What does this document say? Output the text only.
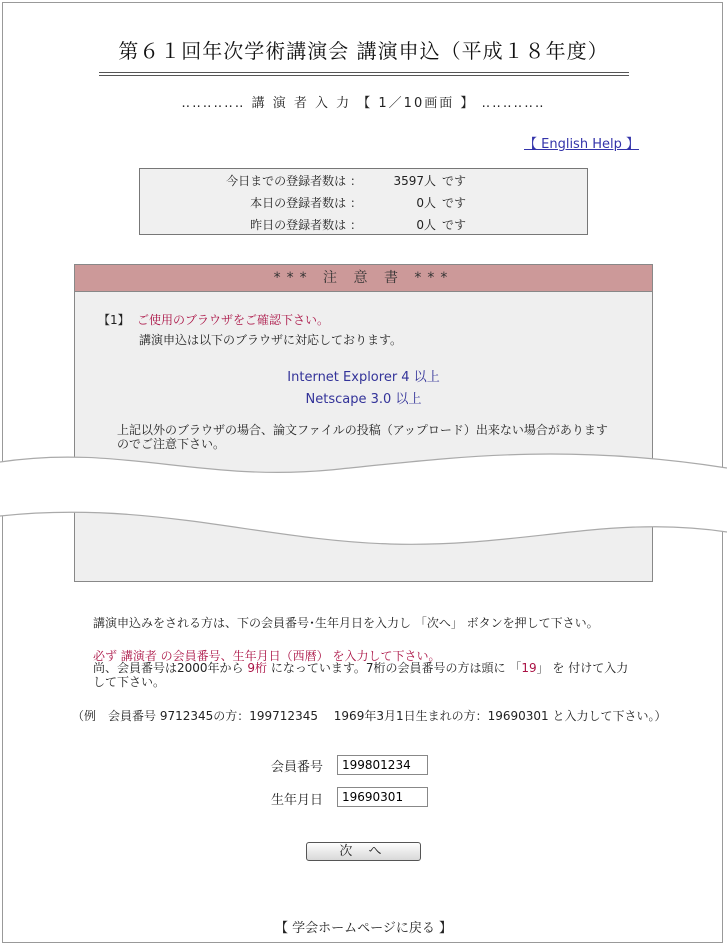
第６１回年次学術講演会 講演申込（平成１８年度）
‥‥‥‥‥‥ 講 演 者 入 力 【 1／10画面 】 ‥‥‥‥‥‥
【 English Help 】
今日までの登録者数は ：	3597人 です
本日の登録者数は ：	0人 です
昨日の登録者数は ：	0人 です
*** 注 意 書 ***
【1】 ご使用のブラウザをご確認下さい。
講演申込は以下のブラウザに対応しております。
Internet Explorer 4 以上
Netscape 3.0 以上
上記以外のブラウザの場合、論文ファイルの投稿（アップロード）出来ない場合がありますのでご注意下さい。
講演申込みをされる方は、下の会員番号･生年月日を入力し 「次へ」 ボタンを押して下さい。
必ず 講演者 の会員番号、生年月日（西暦） を入力して下さい。
尚、会員番号は2000年から 9桁 になっています。7桁の会員番号の方は頭に 「19」 を 付けて入力して下さい。
（例　会員番号 9712345の方：199712345　 1969年3月1日生まれの方：19690301 と入力して下さい。）
会員番号
199801234
生年月日
19690301
次 へ
【 学会ホームページに戻る 】
